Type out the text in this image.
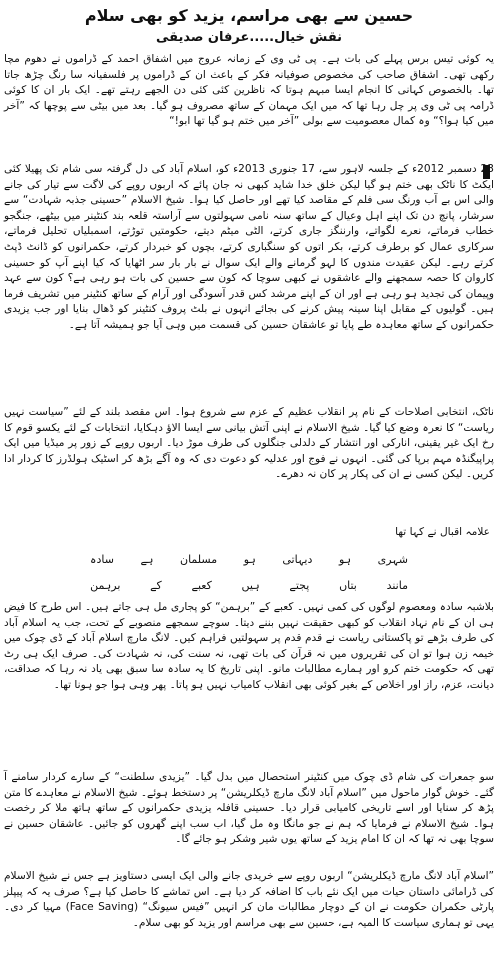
حسین سے بھی مراسم، یزید کو بھی سلام
نقش خیال.....عرفان صدیقی
یہ کوئی تیس برس پہلے کی بات ہے۔ پی ٹی وی کے زمانہ عروج میں اشفاق احمد کے ڈراموں نے دھوم مچا رکھی تھی۔ اشفاق صاحب کی مخصوص صوفیانہ فکر کے باعث ان کے ڈراموں پر فلسفیانہ سا رنگ چڑھ جاتا تھا۔ بالخصوص کہانی کا انجام ایسا مبہم ہوتا کہ ناظرین کئی کئی دن الجھے رہتے تھے۔ ایک بار ان کا کوئی ڈرامہ پی ٹی وی پر چل رہا تھا کہ میں ایک مہمان کے ساتھ مصروف ہو گیا۔ بعد میں بیٹی سے پوچھا کہ ”آخر میں کیا ہوا؟“ وہ کمال معصومیت سے بولی ”آخر میں ختم ہو گیا تھا ابو!“
23 دسمبر 2012ء کے جلسہ لاہور سے، 17 جنوری 2013ء کو، اسلام آباد کی دل گرفتہ سی شام تک پھیلا کئی ایکٹ کا ناٹک بھی ختم ہو گیا لیکن خلق خدا شاید کبھی نہ جان پائے کہ اربوں روپے کی لاگت سے تیار کی جانے والی اس بے آب ورنگ سی فلم کے مقاصد کیا تھے اور حاصل کیا ہوا۔ شیخ الاسلام ”حسینی جذبہ شہادت“ سے سرشار، پانچ دن تک اپنے اہل وعیال کے ساتھ سنہ نامی سہولتوں سے آراستہ قلعہ بند کنٹینر میں بیٹھے، جنگجو خطاب فرماتے، نعرے لگواتے، وارننگز جاری کرتے، الٹی میٹم دیتے، حکومتیں توڑتے، اسمبلیاں تحلیل فرماتے، سرکاری عمال کو برطرف کرتے، بکر اتوں کو سنگباری کرتے، بچوں کو خبردار کرتے، حکمرانوں کو ڈانٹ ڈپٹ کرتے رہے۔ لیکن عقیدت مندوں کا لہو گرمانے والے ایک سوال نے بار بار سر اٹھایا کہ کیا اپنے آپ کو حسینی کاروان کا حصہ سمجھنے والے عاشقوں نے کبھی سوچا کہ کون سے حسین کی بات ہو رہی ہے؟ کون سے عہد وپیمان کی تجدید ہو رہی ہے اور ان کے اپنے مرشد کس قدر آسودگی اور آرام کے ساتھ کنٹینر میں تشریف فرما ہیں۔ گولیوں کے مقابل اپنا سینہ پیش کرنے کی بجائے انہوں نے بلٹ پروف کنٹینر کو ڈھال بنایا اور جب یزیدی حکمرانوں کے ساتھ معاہدہ طے پایا تو عاشقان حسین کی قسمت میں وہی آیا جو ہمیشہ آتا ہے۔
ناٹک، انتخابی اصلاحات کے نام پر انقلاب عظیم کے عزم سے شروع ہوا۔ اس مقصد بلند کے لئے ”سیاست نہیں ریاست“ کا نعرہ وضع کیا گیا۔ شیخ الاسلام نے اپنی آتش بیانی سے ایسا الاؤ دہکایا، انتخابات کے لئے یکسو قوم کا رخ ایک غیر یقینی، انارکی اور انتشار کے دلدلی جنگلوں کی طرف موڑ دیا۔ اربوں روپے کے زور پر میڈیا میں ایک پراپیگنڈہ مہم برپا کی گئی۔ انہوں نے فوج اور عدلیہ کو دعوت دی کہ وہ آگے بڑھ کر اسٹیک ہولڈرز کا کردار ادا کریں۔ لیکن کسی نے ان کی پکار پر کان نہ دھرے۔
علامہ اقبال نے کہا تھا
شہری
ہو
دیہاتی
ہو
مسلمان
ہے
سادہ
مانند
بتاں
پجتے
ہیں
کعبے
کے
برہمن
بلاشبہ سادہ ومعصوم لوگوں کی کمی نہیں۔ کعبے کے ”برہمن“ کو پجاری مل ہی جاتے ہیں۔ اس طرح کا فیض ہی ان کے نام نہاد انقلاب کو کبھی حقیقت نہیں بننے دیتا۔ سوچے سمجھے منصوبے کے تحت، جب یہ اسلام آباد کی طرف بڑھے تو پاکستانی ریاست نے قدم قدم پر سہولتیں فراہم کیں۔ لانگ مارچ اسلام آباد کے ڈی چوک میں خیمہ زن ہوا تو ان کی تقریروں میں نہ قرآن کی بات تھی، نہ سنت کی، نہ شہادت کی۔ صرف ایک ہی رٹ تھی کہ حکومت ختم کرو اور ہمارے مطالبات مانو۔ اپنی تاریخ کا یہ سادہ سا سبق بھی یاد نہ رہا کہ صداقت، دیانت، عزم، راز اور اخلاص کے بغیر کوئی بھی انقلاب کامیاب نہیں ہو پاتا۔ پھر وہی ہوا جو ہونا تھا۔
سو جمعرات کی شام ڈی چوک میں کنٹینر استحصال میں بدل گیا۔ ”یزیدی سلطنت“ کے سارے کردار سامنے آ گئے۔ خوش گوار ماحول میں ”اسلام آباد لانگ مارچ ڈیکلریشن“ پر دستخط ہوئے۔ شیخ الاسلام نے معاہدے کا متن پڑھ کر سنایا اور اسے تاریخی کامیابی قرار دیا۔ حسینی قافلہ یزیدی حکمرانوں کے ساتھ ہاتھ ملا کر رخصت ہوا۔ شیخ الاسلام نے فرمایا کہ ہم نے جو مانگا وہ مل گیا، اب سب اپنے گھروں کو جائیں۔ عاشقان حسین نے سوچا بھی نہ تھا کہ ان کا امام یزید کے ساتھ یوں شیر وشکر ہو جائے گا۔
”اسلام آباد لانگ مارچ ڈیکلریشن“ اربوں روپے سے خریدی جانے والی ایک ایسی دستاویز ہے جس نے شیخ الاسلام کی ڈرامائی داستان حیات میں ایک نئے باب کا اضافہ کر دیا ہے۔ اس تماشے کا حاصل کیا ہے؟ صرف یہ کہ پیپلز پارٹی حکمران حکومت نے ان کے دوچار مطالبات مان کر انہیں ”فیس سیونگ“ (Face Saving) مہیا کر دی۔ یہی تو ہماری سیاست کا المیہ ہے، حسین سے بھی مراسم اور یزید کو بھی سلام۔
